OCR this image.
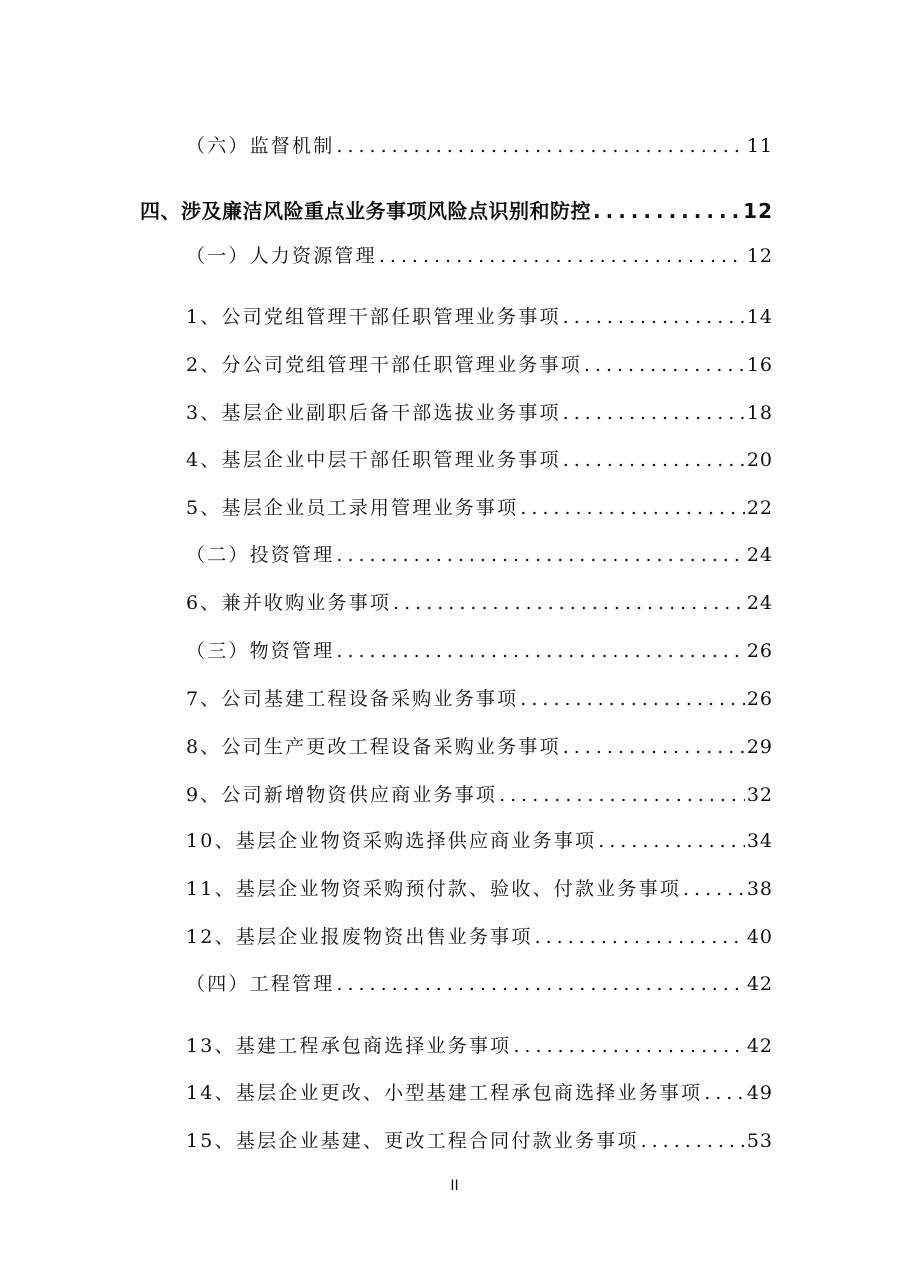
（六）监督机制 .....	11
四、涉及廉洁风险重点业务事项风险点识别和防控 .....	12
（一）人力资源管理 .....	12
1、公司党组管理干部任职管理业务事项 .....	14
2、分公司党组管理干部任职管理业务事项 .....	16
3、基层企业副职后备干部选拔业务事项 .....	18
4、基层企业中层干部任职管理业务事项 .....	20
5、基层企业员工录用管理业务事项 .....	22
（二）投资管理 .....	24
6、兼并收购业务事项 .....	24
（三）物资管理 .....	26
7、公司基建工程设备采购业务事项 .....	26
8、公司生产更改工程设备采购业务事项 .....	29
9、公司新增物资供应商业务事项 .....	32
10、基层企业物资采购选择供应商业务事项 .....	34
11、基层企业物资采购预付款、验收、付款业务事项 .....	38
12、基层企业报废物资出售业务事项 .....	40
（四）工程管理 .....	42
13、基建工程承包商选择业务事项 .....	42
14、基层企业更改、小型基建工程承包商选择业务事项 ..... 49
15、基层企业基建、更改工程合同付款业务事项 .....	53
II
